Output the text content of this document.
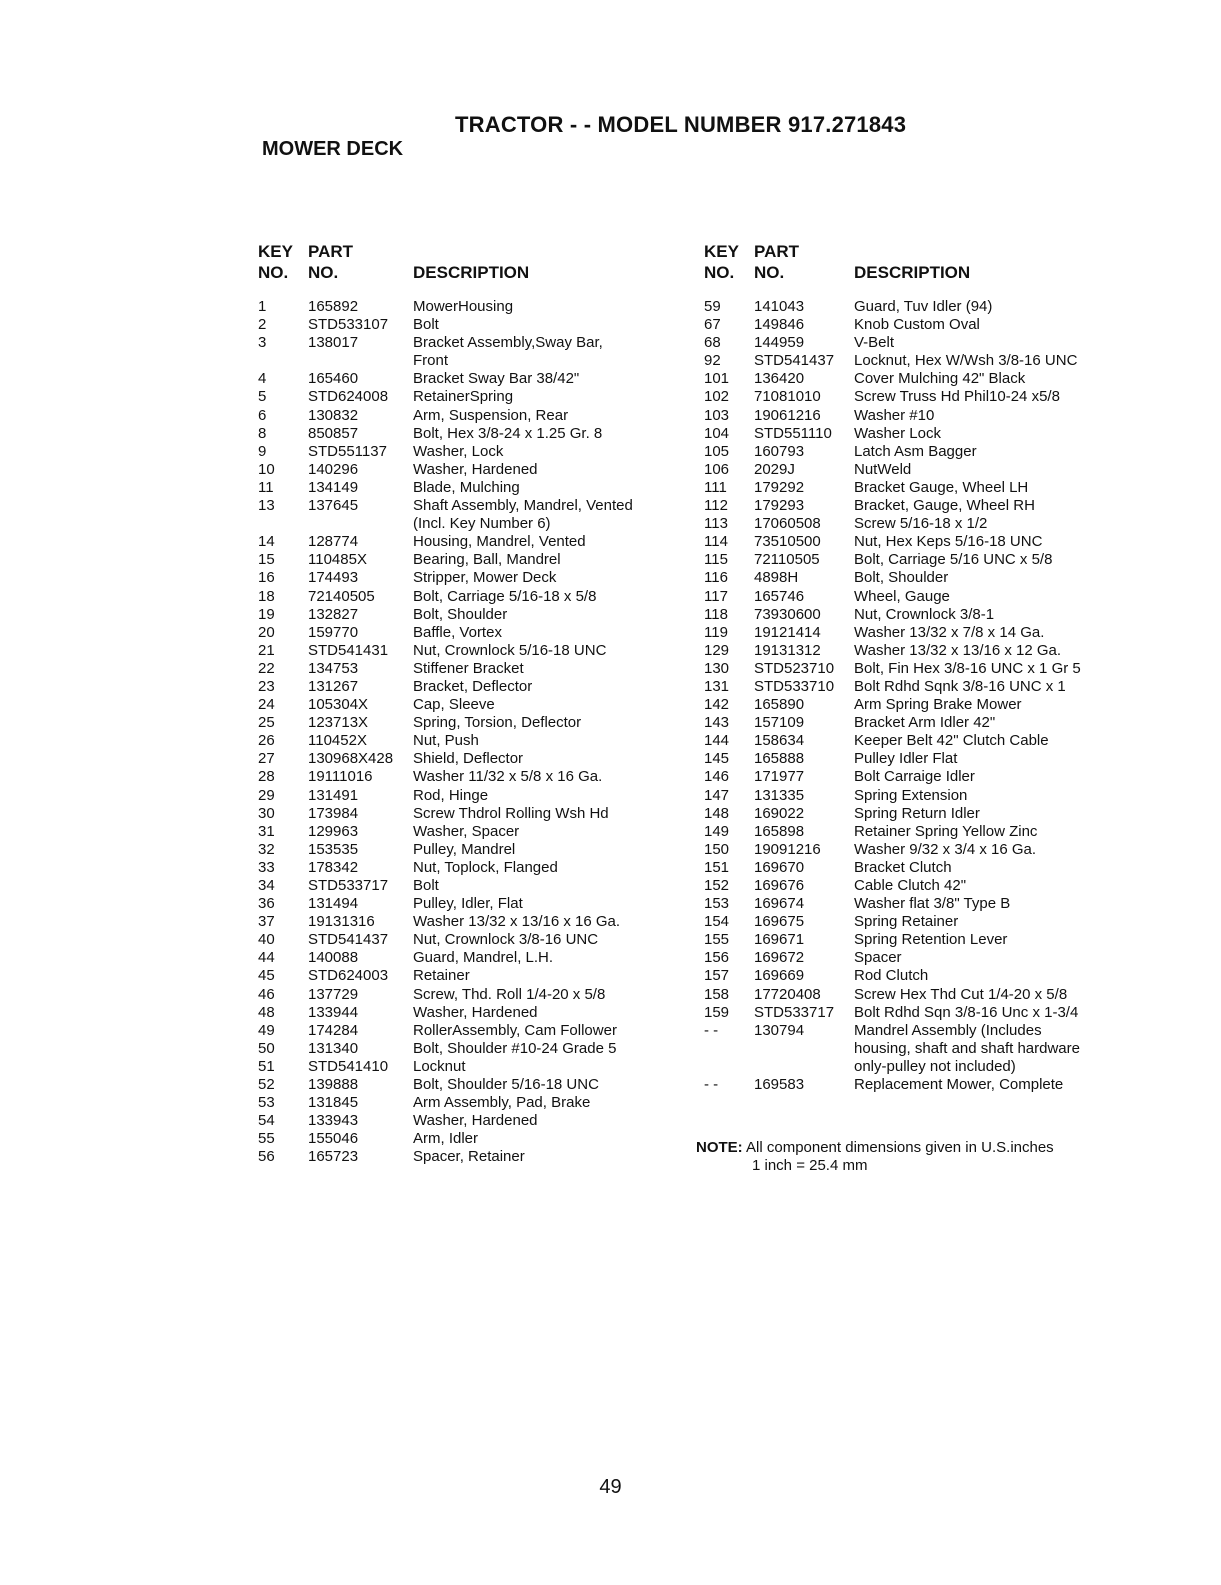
TRACTOR - - MODEL NUMBER 917.271843
MOWER DECK
KEY
NO.
PART
NO.	DESCRIPTION
1	165892	MowerHousing
2	STD533107 Bolt
3	138017	Bracket Assembly,Sway Bar,
Front
4	165460	Bracket Sway Bar 38/42"
5	STD624008 RetainerSpring
6	130832	Arm, Suspension, Rear
8	850857	Bolt, Hex 3/8-24 x 1.25 Gr. 8
9	STD551137 Washer, Lock
10 140296	Washer, Hardened
11 134149	Blade, Mulching
13 137645	Shaft Assembly, Mandrel, Vented
(Incl. Key Number 6)
14 128774	Housing, Mandrel, Vented
15 110485X	Bearing, Ball, Mandrel
16 174493	Stripper, Mower Deck
18 72140505	Bolt, Carriage 5/16-18 x 5/8
19 132827	Bolt, Shoulder
20 159770	Baffle, Vortex
21 STD541431 Nut, Crownlock 5/16-18 UNC
22 134753	Stiffener Bracket
23 131267	Bracket, Deflector
24 105304X	Cap, Sleeve
25 123713X	Spring, Torsion, Deflector
26 110452X	Nut, Push
27 130968X428 Shield, Deflector
28 19111016	Washer 11/32 x 5/8 x 16 Ga.
29 131491	Rod, Hinge
30 173984	Screw Thdrol Rolling Wsh Hd
31 129963	Washer, Spacer
32 153535	Pulley, Mandrel
33 178342	Nut, Toplock, Flanged
34 STD533717 Bolt
36 131494	Pulley, Idler, Flat
37 19131316	Washer 13/32 x 13/16 x 16 Ga.
40 STD541437 Nut, Crownlock 3/8-16 UNC
44 140088	Guard, Mandrel, L.H.
45 STD624003 Retainer
46 137729	Screw, Thd. Roll 1/4-20 x 5/8
48 133944	Washer, Hardened
49 174284	RollerAssembly, Cam Follower
50 131340	Bolt, Shoulder #10-24 Grade 5
51 STD541410 Locknut
52 139888	Bolt, Shoulder 5/16-18 UNC
53 131845	Arm Assembly, Pad, Brake
54 133943	Washer, Hardened
55 155046	Arm, Idler
56 165723	Spacer, Retainer
KEY
NO.
PART
NO.	DESCRIPTION
59 141043	Guard, Tuv Idler (94)
67 149846	Knob Custom Oval
68 144959	V-Belt
92 STD541437 Locknut, Hex W/Wsh 3/8-16 UNC
101 136420	Cover Mulching 42" Black
102 71081010 Screw Truss Hd Phil10-24 x5/8
103 19061216 Washer #10
104 STD551110 Washer Lock
105 160793	Latch Asm Bagger
106 2029J	NutWeld
111 179292	Bracket Gauge, Wheel LH
112 179293	Bracket, Gauge, Wheel RH
113 17060508 Screw 5/16-18 x 1/2
114 73510500 Nut, Hex Keps 5/16-18 UNC
115 72110505 Bolt, Carriage 5/16 UNC x 5/8
116 4898H	Bolt, Shoulder
117 165746	Wheel, Gauge
118 73930600 Nut, Crownlock 3/8-1
119 19121414 Washer 13/32 x 7/8 x 14 Ga.
129 19131312 Washer 13/32 x 13/16 x 12 Ga.
130 STD523710 Bolt, Fin Hex 3/8-16 UNC x 1 Gr 5
131 STD533710 Bolt Rdhd Sqnk 3/8-16 UNC x 1
142 165890	Arm Spring Brake Mower
143 157109	Bracket Arm Idler 42"
144 158634	Keeper Belt 42" Clutch Cable
145 165888	Pulley Idler Flat
146 171977	Bolt Carraige Idler
147 131335	Spring Extension
148 169022	Spring Return Idler
149 165898	Retainer Spring Yellow Zinc
150 19091216 Washer 9/32 x 3/4 x 16 Ga.
151 169670	Bracket Clutch
152 169676	Cable Clutch 42"
153 169674	Washer flat 3/8" Type B
154 169675	Spring Retainer
155 169671	Spring Retention Lever
156 169672	Spacer
157 169669	Rod Clutch
158 17720408 Screw Hex Thd Cut 1/4-20 x 5/8
159 STD533717 Bolt Rdhd Sqn 3/8-16 Unc x 1-3/4
- - 130794	Mandrel Assembly (Includes
housing, shaft and shaft hardware
only-pulley not included)
- - 169583	Replacement Mower, Complete
NOTE: All component dimensions given in U.S.inches
1 inch = 25.4 mm
49
